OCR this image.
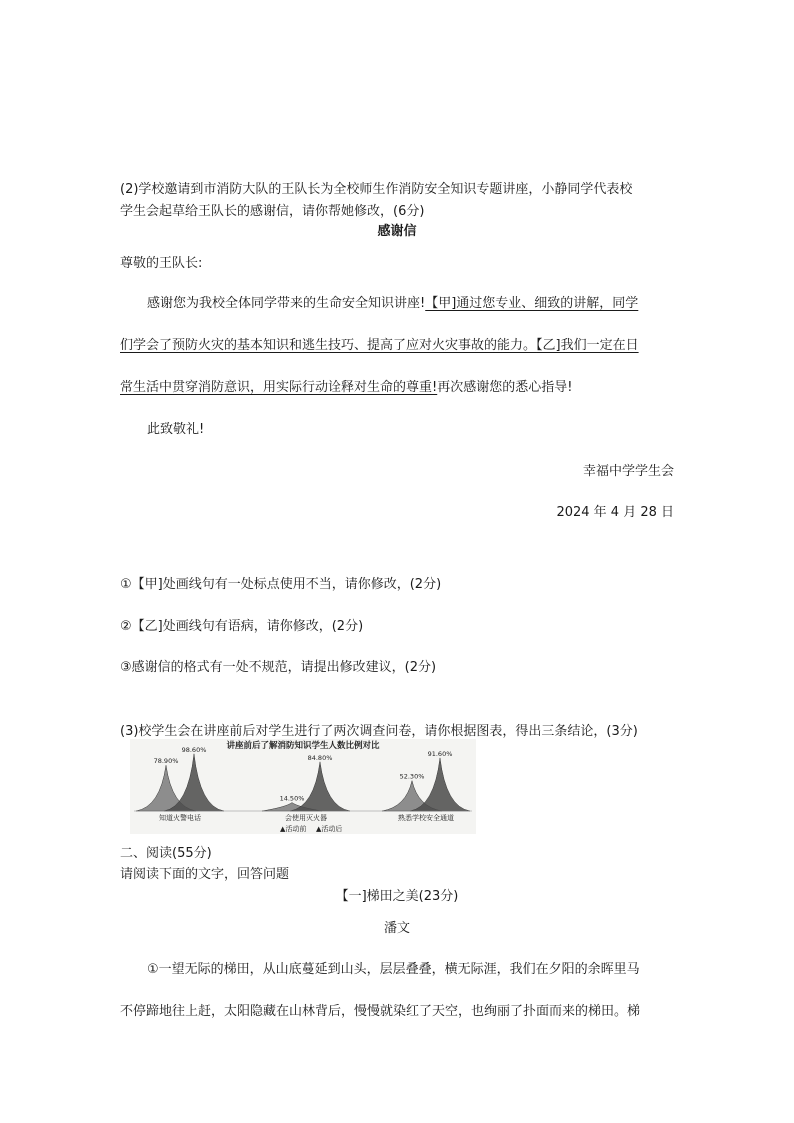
(2)学校邀请到市消防大队的王队长为全校师生作消防安全知识专题讲座，小静同学代表校
学生会起草给王队长的感谢信，请你帮她修改，(6分)
感谢信
尊敬的王队长:
感谢您为我校全体同学带来的生命安全知识讲座!【甲]通过您专业、细致的讲解，同学
们学会了预防火灾的基本知识和逃生技巧、提高了应对火灾事故的能力。【乙]我们一定在日
常生活中贯穿消防意识，用实际行动诠释对生命的尊重!再次感谢您的悉心指导!
此致敬礼!
幸福中学学生会
2024 年 4 月 28 日
①【甲]处画线句有一处标点使用不当，请你修改，(2分)
②【乙]处画线句有语病，请你修改，(2分)
③感谢信的格式有一处不规范，请提出修改建议，(2分)
(3)校学生会在讲座前后对学生进行了两次调查问卷，请你根据图表，得出三条结论，(3分)
讲座前后了解消防知识学生人数比例对比
78.90%
98.60%
知道火警电话
14.50%
84.80%
会使用灭火器
52.30%
91.60%
熟悉学校安全通道
▲活动前 ▲活动后
二、阅读(55分)
请阅读下面的文字，回答问题
【一]梯田之美(23分)
潘文
①一望无际的梯田，从山底蔓延到山头，层层叠叠，横无际涯，我们在夕阳的余晖里马
不停蹄地往上赶，太阳隐藏在山林背后，慢慢就染红了天空，也绚丽了扑面而来的梯田。梯
